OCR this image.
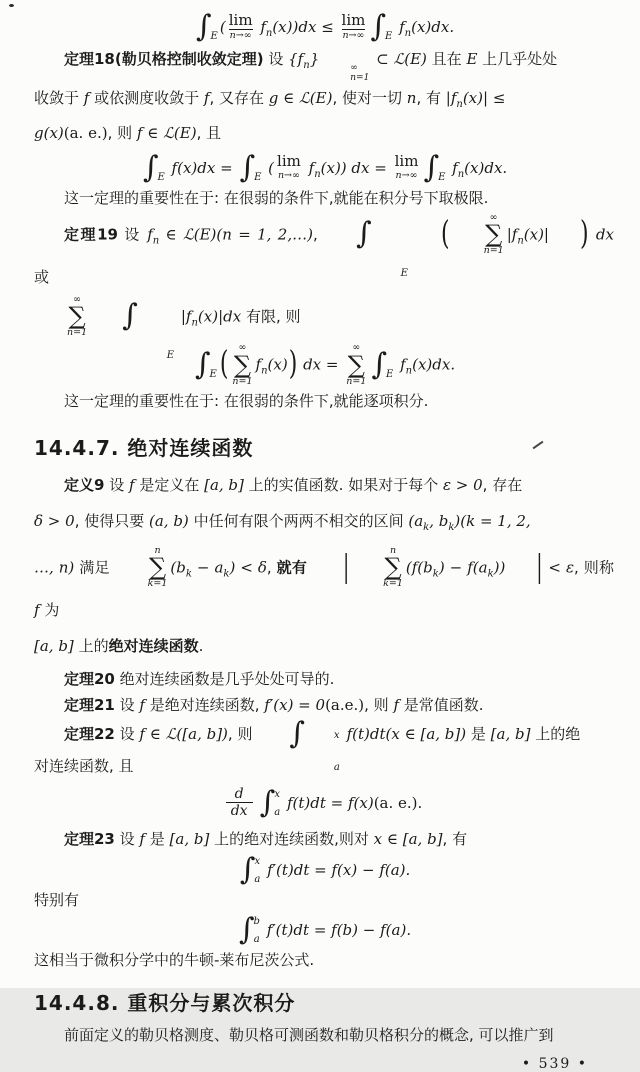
∫
E
( lim
n→∞ $f_n(x))dx \le \lim$
n→∞ ∫
E
$f_n(x)dx$.
定理18(勒贝格控制收敛定理) 设 $\{f_n\}$	∞
n=1
⊂ ℒ(E) 且在 E 上几乎处处
收敛于 f 或依测度收敛于 f, 又存在 g ∈ ℒ(E), 使对一切 n, 有 $|f_n(x)|$ ≤
g(x)(a. e.), 则 f ∈ ℒ(E), 且
∫
E
f(x)dx = ∫
E
( lim
n→∞ $f_n(x)$) dx = lim
n→∞ ∫
E
$f_n(x)dx$.
这一定理的重要性在于: 在很弱的条件下,就能在积分号下取极限.
定理19 设 $f_n$ ∈ ℒ(E)(n = 1, 2,…),	∫

E
(	∞
∑
n=1
$|f_n(x)|$ ) dx 或

∞
∑
n=1	∫

E
$|f_n(x)|dx$ 有限, 则
∫
E ( ∞
∑
n=1
$f_n(x)$) dx =
∞
∑
n=1 ∫
E
$f_n(x)dx$.
这一定理的重要性在于: 在很弱的条件下,就能逐项积分.
14.4.7. 绝对连续函数
定义9 设 f 是定义在 [a, b] 上的实值函数. 如果对于每个 ε > 0, 存在
δ > 0, 使得只要 (a, b) 中任何有限个两两不相交的区间 ($a_k$, $b_k)(k = 1$, 2,
…, n) 满足
n
∑
k=1
$(b_k - a_k) < \delta$, 就有 |	n
∑
k=1
$(f(b_k) - f(a_k))$ | < ε, 则称 f 为
[a, b] 上的绝对连续函数.
定理20 绝对连续函数是几乎处处可导的.
定理21 设 f 是绝对连续函数, f′(x) = 0(a.e.), 则 f 是常值函数.
定理22 设 f ∈ ℒ([a, b]), 则	∫	x
a
f(t)dt(x ∈ [a, b]) 是 [a, b] 上的绝
对连续函数, 且
$\frac{d}{dx}$ ∫ x
a
f(t)dt = f(x)(a. e.).
定理23 设 f 是 [a, b] 上的绝对连续函数,则对 x ∈ [a, b], 有
∫ x
a
f′(t)dt = f(x) − f(a).
特别有
∫ b
a
f′(t)dt = f(b) − f(a).
这相当于微积分学中的牛顿-莱布尼茨公式.
14.4.8. 重积分与累次积分
前面定义的勒贝格测度、勒贝格可测函数和勒贝格积分的概念, 可以推广到
• 539 •
